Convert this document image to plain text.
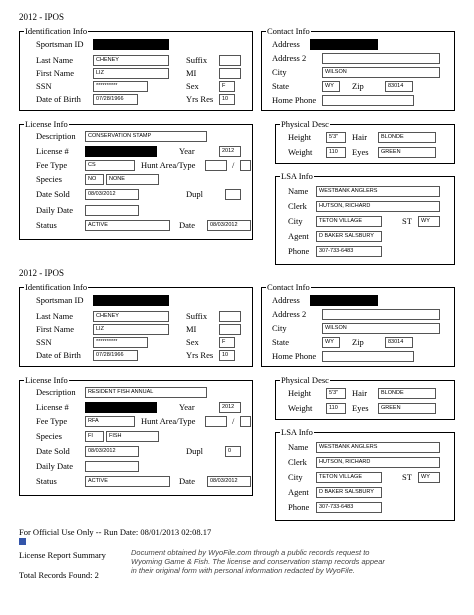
2012 - IPOS
Identification Info
Sportsman ID
Last Name	CHENEY	Suffix
First Name	LIZ	MI
SSN	**********	Sex	F
Date of Birth	07/28/1966	Yrs Res	10
Contact Info
Address
Address 2
City	WILSON
State	WY	Zip	83014
Home Phone
License Info
Description	CONSERVATION STAMP
License #	Year	2012
Fee Type	CS	Hunt Area/Type	/
Species	NO	NONE
Date Sold	08/03/2012	Dupl
Daily Date
Status	ACTIVE	Date	08/03/2012
Physical Desc
Height	5'3"	Hair	BLONDE
Weight	110	Eyes	GREEN
LSA Info
Name	WESTBANK ANGLERS
Clerk	HUTSON, RICHARD
City	TETON VILLAGE	ST	WY
Agent	D BAKER SALSBURY
Phone	307-733-6483
2012 - IPOS
Identification Info
Sportsman ID
Last Name	CHENEY	Suffix
First Name	LIZ	MI
SSN	**********	Sex	F
Date of Birth	07/28/1966	Yrs Res	10
Contact Info
Address
Address 2
City	WILSON
State	WY	Zip	83014
Home Phone
License Info
Description	RESIDENT FISH ANNUAL
License #	Year	2012
Fee Type	RFA	Hunt Area/Type	/
Species	FI	FISH
Date Sold	08/03/2012	Dupl	0
Daily Date
Status	ACTIVE	Date	08/03/2012
Physical Desc
Height	5'3"	Hair	BLONDE
Weight	110	Eyes	GREEN
LSA Info
Name	WESTBANK ANGLERS
Clerk	HUTSON, RICHARD
City	TETON VILLAGE	ST	WY
Agent	D BAKER SALSBURY
Phone	307-733-6483
For Official Use Only -- Run Date: 08/01/2013 02:08.17
License Report Summary
Total Records Found: 2
Document obtained by WyoFile.com through a public records request to
Wyoming Game & Fish. The license and conservation stamp records appear
in their original form with personal information redacted by WyoFile.
